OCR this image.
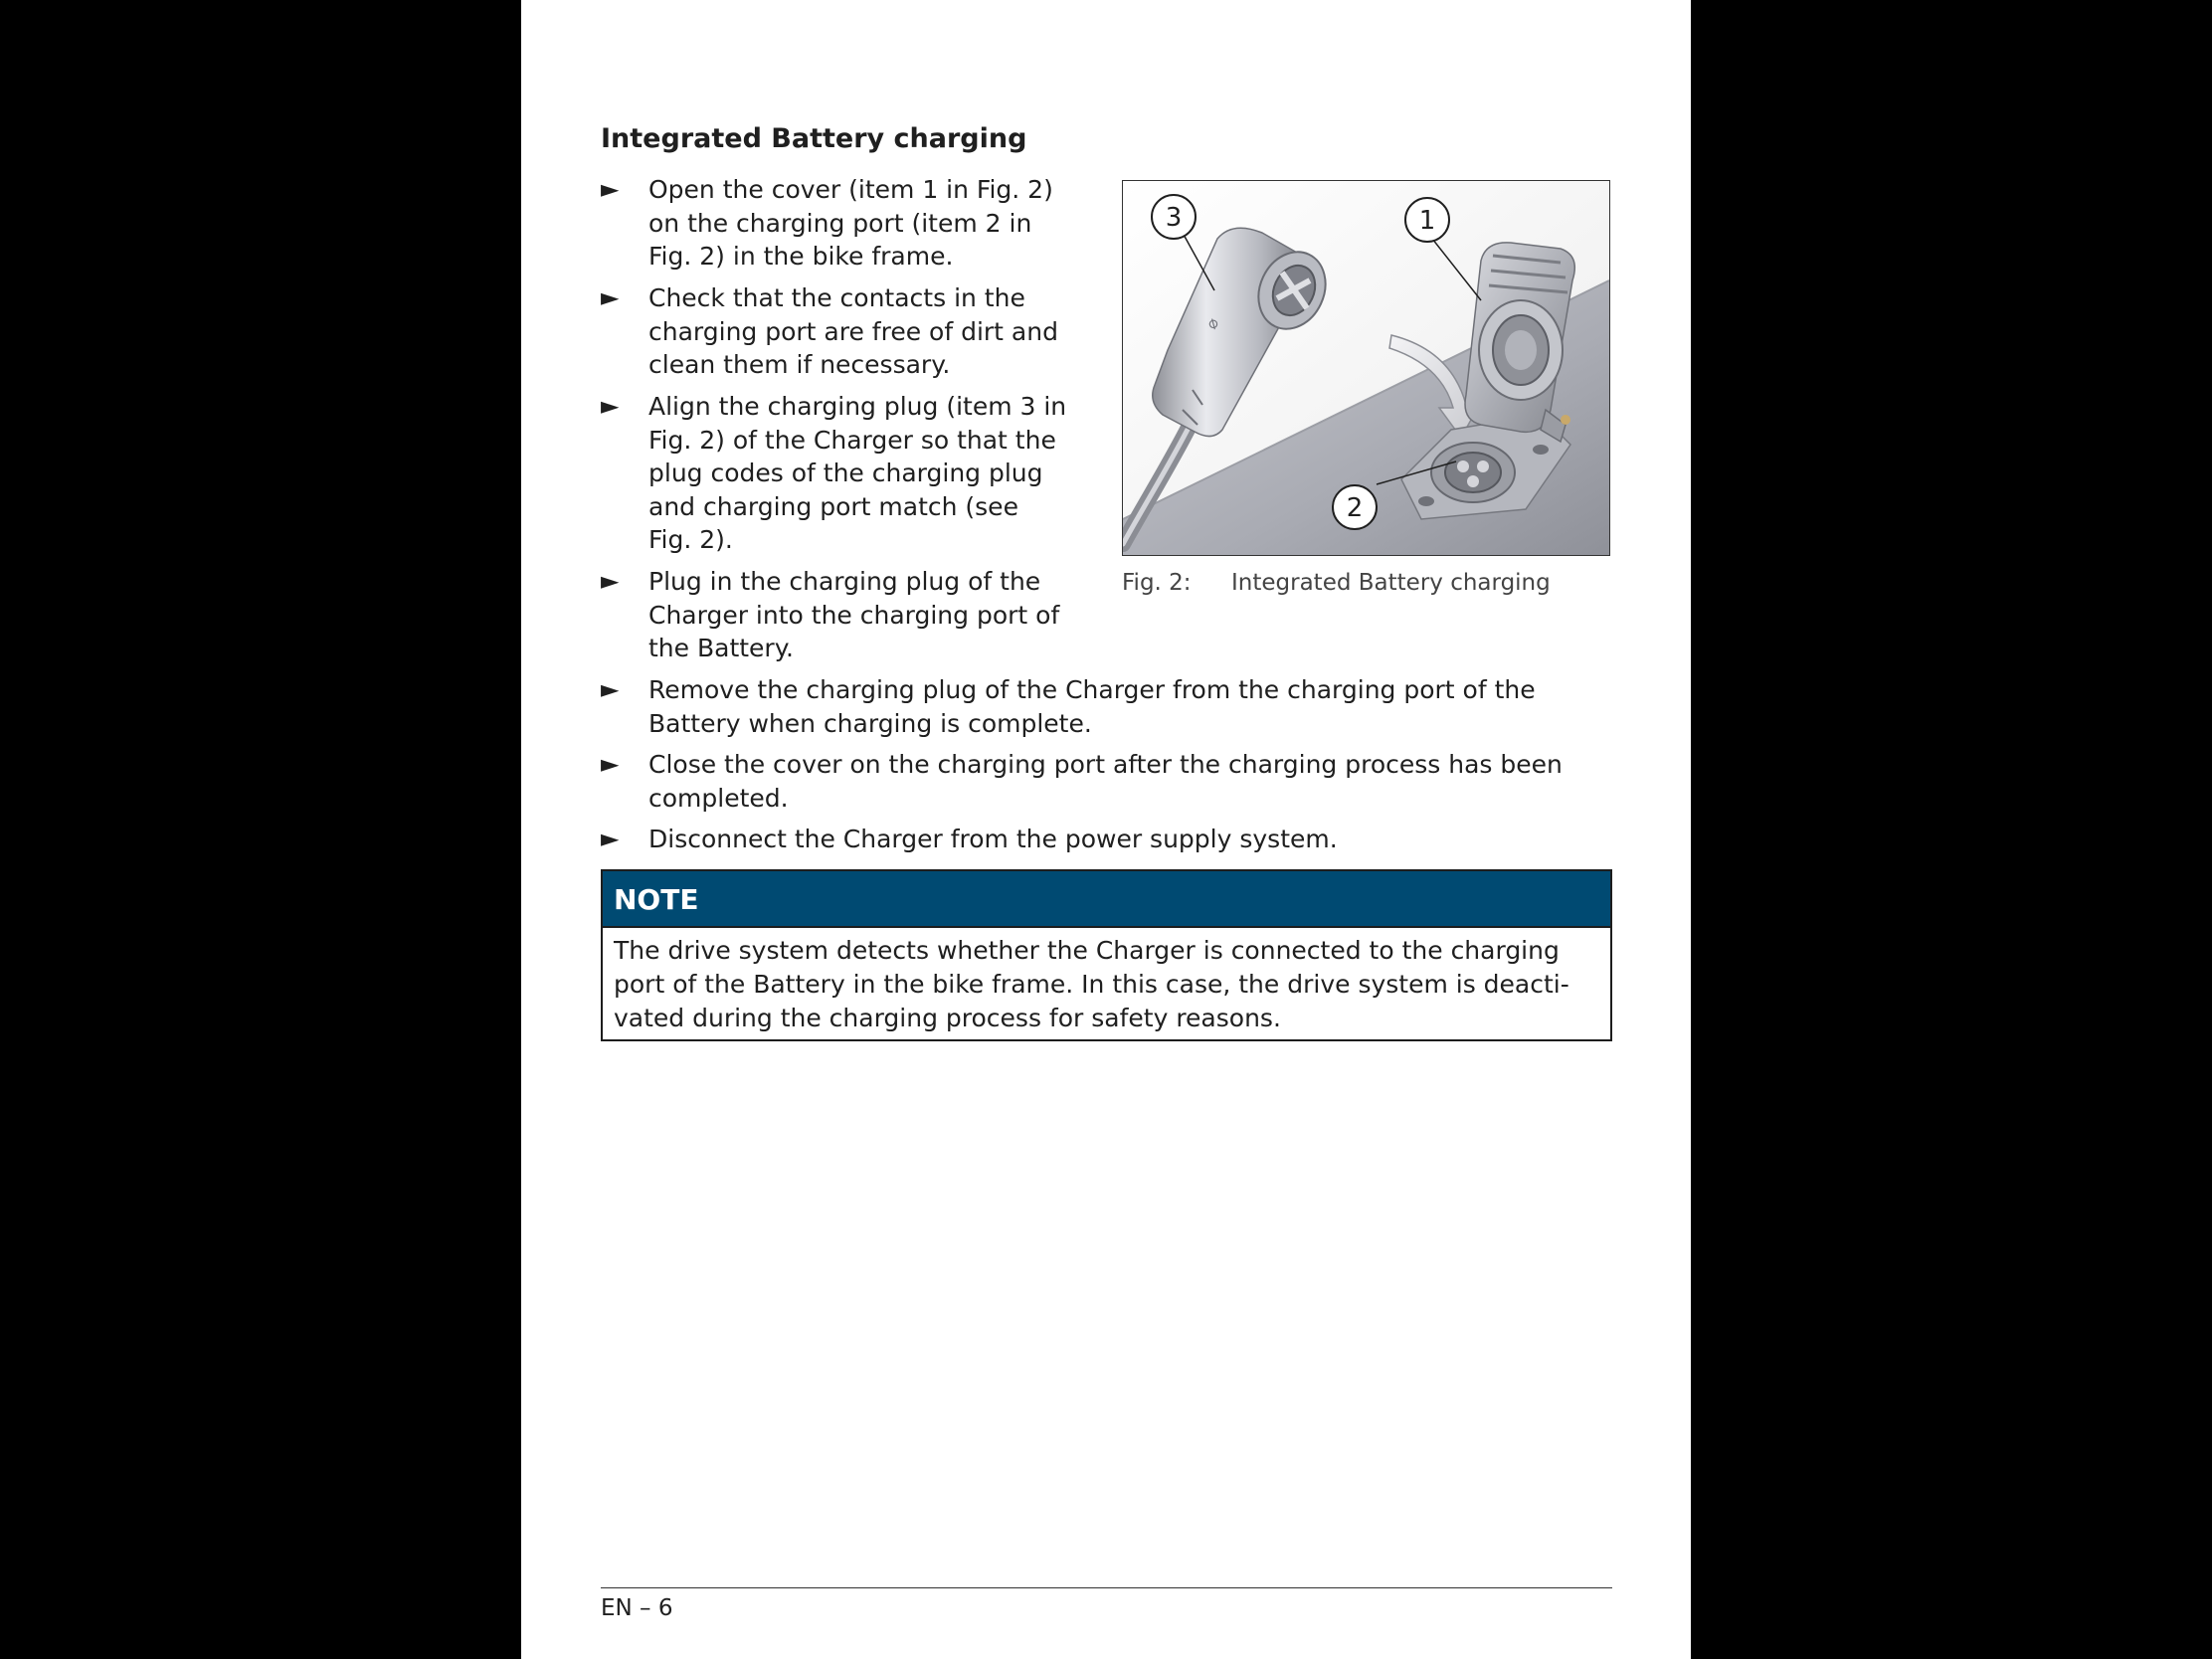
Integrated Battery charging
►	Open the cover (item 1 in Fig. 2)
on the charging port (item 2 in
Fig. 2) in the bike frame.
►	Check that the contacts in the
charging port are free of dirt and
clean them if necessary.
►	Align the charging plug (item 3 in
Fig. 2) of the Charger so that the
plug codes of the charging plug
and charging port match (see
Fig. 2).
►	Plug in the charging plug of the
Charger into the charging port of
the Battery.
►	Remove the charging plug of the Charger from the charging port of the
Battery when charging is complete.
►	Close the cover on the charging port after the charging process has been
completed.
►	Disconnect the Charger from the power supply system.
⌀
3	1
2
Fig. 2: Integrated Battery charging
NOTE
The drive system detects whether the Charger is connected to the charging
port of the Battery in the bike frame. In this case, the drive system is deacti-
vated during the charging process for safety reasons.
EN – 6
